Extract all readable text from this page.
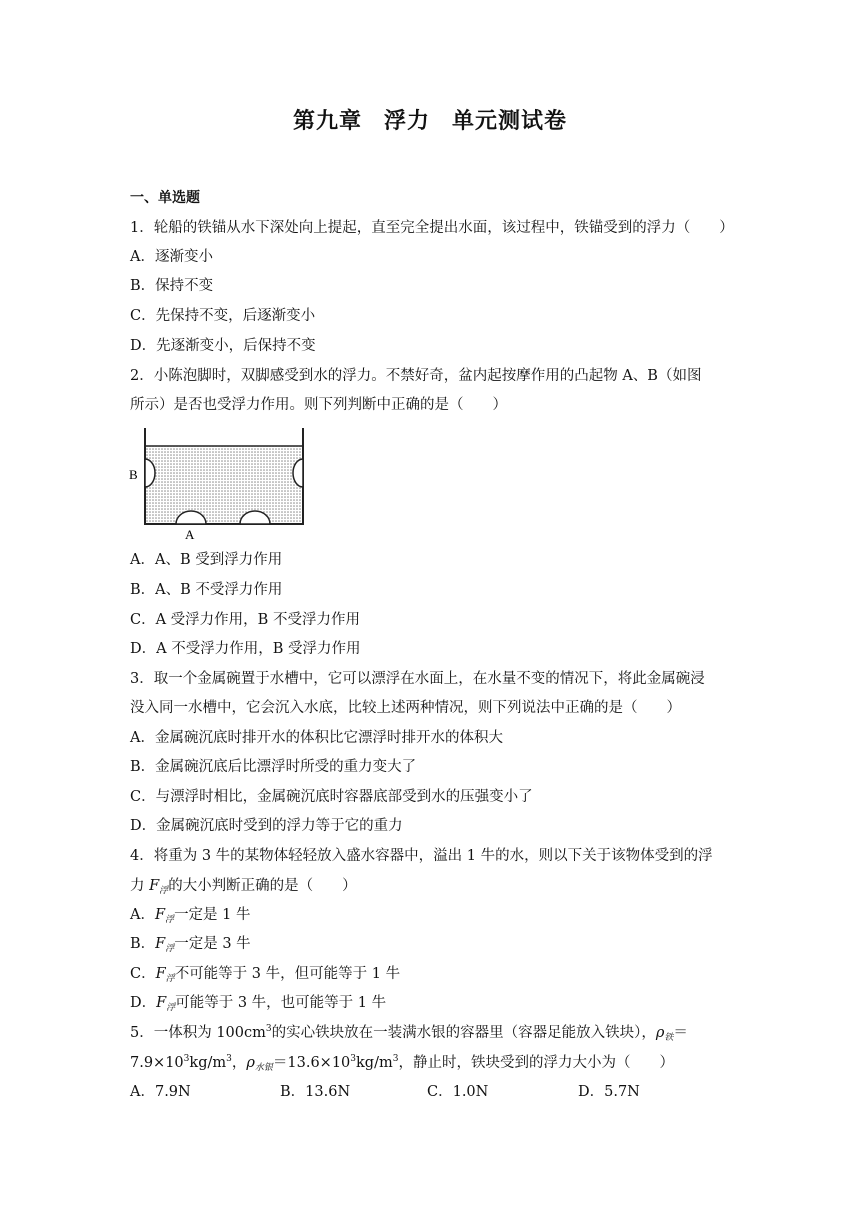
第九章 浮力 单元测试卷
一、单选题
1．轮船的铁锚从水下深处向上提起，直至完全提出水面，该过程中，铁锚受到的浮力（　　）
A．逐渐变小
B．保持不变
C．先保持不变，后逐渐变小
D．先逐渐变小，后保持不变
2．小陈泡脚时，双脚感受到水的浮力。不禁好奇，盆内起按摩作用的凸起物 A、B（如图
所示）是否也受浮力作用。则下列判断中正确的是（　　）
B
A
A．A、B 受到浮力作用
B．A、B 不受浮力作用
C．A 受浮力作用，B 不受浮力作用
D．A 不受浮力作用，B 受浮力作用
3．取一个金属碗置于水槽中，它可以漂浮在水面上，在水量不变的情况下，将此金属碗浸
没入同一水槽中，它会沉入水底，比较上述两种情况，则下列说法中正确的是（　　）
A．金属碗沉底时排开水的体积比它漂浮时排开水的体积大
B．金属碗沉底后比漂浮时所受的重力变大了
C．与漂浮时相比，金属碗沉底时容器底部受到水的压强变小了
D．金属碗沉底时受到的浮力等于它的重力
4．将重为 3 牛的某物体轻轻放入盛水容器中，溢出 1 牛的水，则以下关于该物体受到的浮
力 $F_浮$的大小判断正确的是（　　）
A．$F_浮$一定是 1 牛
B．$F_浮$一定是 3 牛
C．$F_浮$不可能等于 3 牛，但可能等于 1 牛
D．$F_浮$可能等于 3 牛，也可能等于 1 牛
5．一体积为 $100cm^3$的实心铁块放在一装满水银的容器里（容器足能放入铁块），$\rho_铁=$
$7.9\times 10^3kg/m^3$，$\rho_{水银}=13.6\times 10^3kg/m^3$，静止时，铁块受到的浮力大小为（　　）
A．7.9N	B．13.6N	C．1.0N	D．5.7N
